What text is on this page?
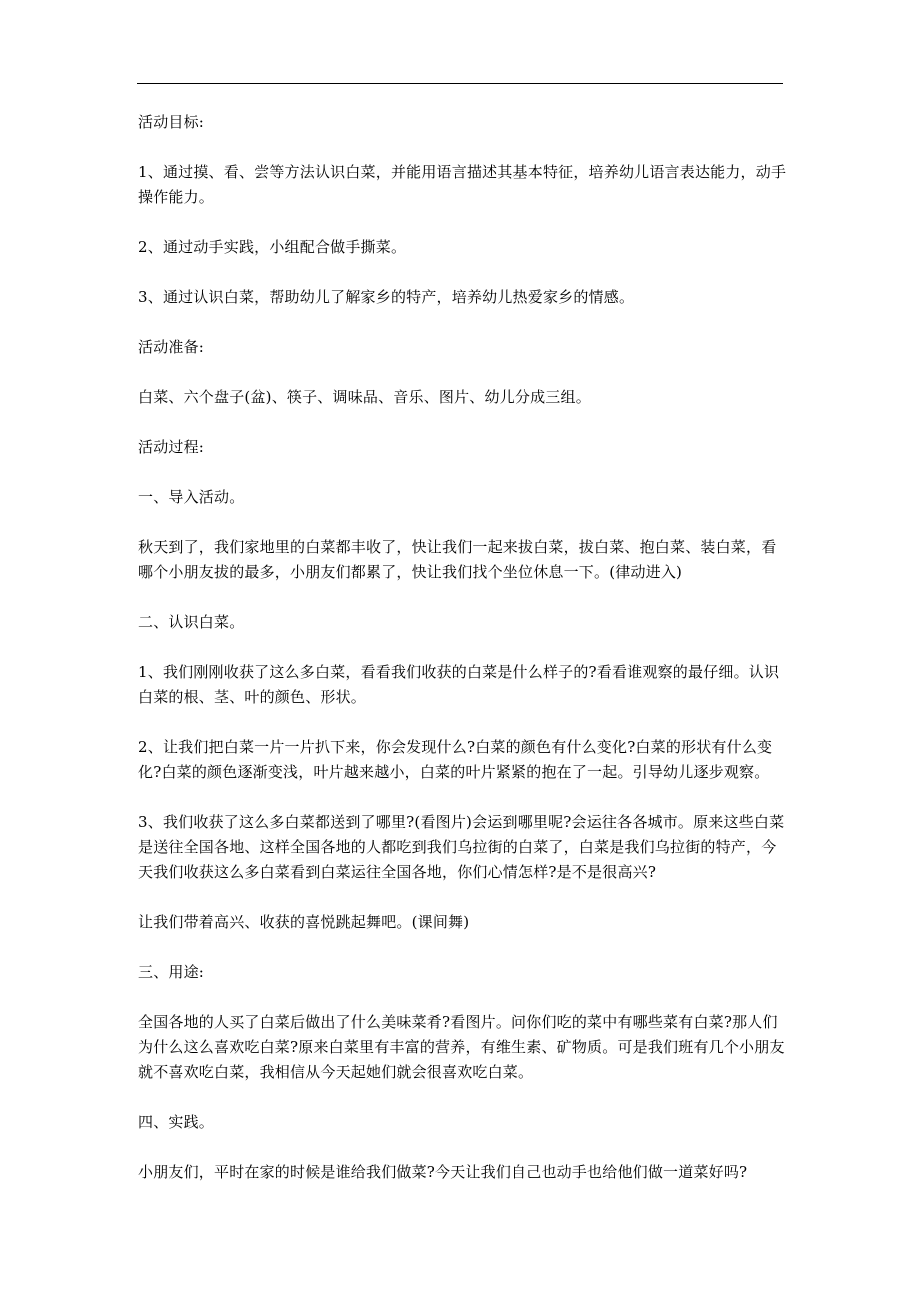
活动目标:

1、通过摸、看、尝等方法认识白菜，并能用语言描述其基本特征，培养幼儿语言表达能力，动手操作能力。

2、通过动手实践，小组配合做手撕菜。

3、通过认识白菜，帮助幼儿了解家乡的特产，培养幼儿热爱家乡的情感。

活动准备:

白菜、六个盘子(盆)、筷子、调味品、音乐、图片、幼儿分成三组。

活动过程:

一、导入活动。

秋天到了，我们家地里的白菜都丰收了，快让我们一起来拔白菜，拔白菜、抱白菜、装白菜，看哪个小朋友拔的最多，小朋友们都累了，快让我们找个坐位休息一下。(律动进入)

二、认识白菜。

1、我们刚刚收获了这么多白菜，看看我们收获的白菜是什么样子的?看看谁观察的最仔细。认识白菜的根、茎、叶的颜色、形状。

2、让我们把白菜一片一片扒下来，你会发现什么?白菜的颜色有什么变化?白菜的形状有什么变化?白菜的颜色逐渐变浅，叶片越来越小，白菜的叶片紧紧的抱在了一起。引导幼儿逐步观察。

3、我们收获了这么多白菜都送到了哪里?(看图片)会运到哪里呢?会运往各各城市。原来这些白菜是送往全国各地、这样全国各地的人都吃到我们乌拉街的白菜了，白菜是我们乌拉街的特产，今天我们收获这么多白菜看到白菜运往全国各地，你们心情怎样?是不是很高兴?

让我们带着高兴、收获的喜悦跳起舞吧。(课间舞)

三、用途:

全国各地的人买了白菜后做出了什么美味菜肴?看图片。问你们吃的菜中有哪些菜有白菜?那人们为什么这么喜欢吃白菜?原来白菜里有丰富的营养，有维生素、矿物质。可是我们班有几个小朋友就不喜欢吃白菜，我相信从今天起她们就会很喜欢吃白菜。

四、实践。

小朋友们，平时在家的时候是谁给我们做菜?今天让我们自己也动手也给他们做一道菜好吗?
